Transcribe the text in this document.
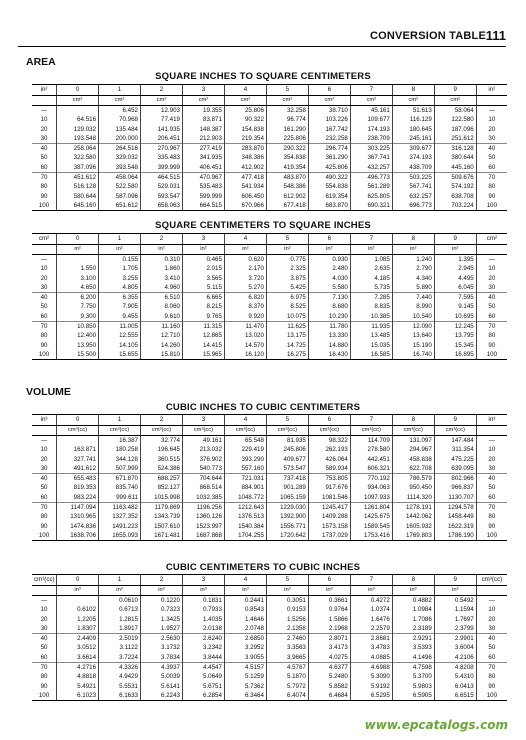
CONVERSION TABLE 111
AREA
SQUARE INCHES TO SQUARE CENTIMETERS
in²	0	1	2	3	4	5	6	7	8	9	in²
	cm²	cm²	cm²	cm²	cm²	cm²	cm²	cm²	cm²	cm²	
—		6.452	12.903	19.355	25.806	32.258	38.710	45.161	51.613	58.064	—
10	64.516	70.968	77.419	83.871	90.322	96.774	103.226	109.677	116.129	122.580	10
20	129.032	135.484	141.935	148.387	154.838	161.290	167.742	174.193	180.645	187.096	20
30	193.548	200.000	206.451	212.903	219.354	225.806	232.258	238.709	245.161	251.612	30
40	258.064	264.516	270.967	277.419	283.870	290.322	296.774	303.225	309.677	316.128	40
50	322.580	329.032	335.483	341.935	348.386	354.838	361.290	367.741	374.193	380.644	50
60	387.096	393.548	399.999	406.451	412.902	419.354	425.806	432.257	438.709	445.160	60
70	451.612	458.064	464.515	470.967	477.418	483.870	490.322	496.773	503.225	509.676	70
80	516.128	522.580	529.031	535.483	541.934	548.386	554.838	561.289	567.741	574.192	80
90	580.644	587.096	593.547	599.999	606.450	612.902	619.354	625.805	632.257	638.708	90
100	645.160	651.612	658.063	664.515	670.966	677.418	683.870	690.321	696.773	703.224	100
SQUARE CENTIMETERS TO SQUARE INCHES
cm²	0	1	2	3	4	5	6	7	8	9	cm²
	in²	in²	in²	in²	in²	in²	in²	in²	in²	in²	
—		0.155	0.310	0.465	0.620	0.775	0.930	1.085	1.240	1.395	—
10	1.550	1.705	1.860	2.015	2.170	2.325	2.480	2.635	2.790	2.945	10
20	3.100	3.255	3.410	3.565	3.720	3.875	4.030	4.185	4.340	4.495	20
30	4.650	4.805	4.960	5.115	5.270	5.425	5.580	5.735	5.890	6.045	30
40	6.200	6.355	6.510	6.665	6.820	6.975	7.130	7.285	7.440	7.595	40
50	7.750	7.905	8.060	8.215	8.370	8.525	8.680	8.835	8.990	9.145	50
60	9.300	9.455	9.610	9.765	9.920	10.075	10.230	10.385	10.540	10.695	60
70	10.850	11.005	11.160	11.315	11.470	11.625	11.780	11.935	12.090	12.245	70
80	12.400	12.555	12.710	12.865	13.020	13.175	13.330	13.485	13.640	13.795	80
90	13.950	14.105	14.260	14.415	14.570	14.725	14.880	15.035	15.190	15.345	90
100	15.500	15.655	15.810	15.965	16.120	16.275	16.430	16.585	16.740	16.895	100
VOLUME
CUBIC INCHES TO CUBIC CENTIMETERS
in³	0	1	2	3	4	5	6	7	8	9	in³
	cm³(cc)	cm³(cc)	cm³(cc)	cm³(cc)	cm³(cc)	cm³(cc)	cm³(cc)	cm³(cc)	cm³(cc)	cm³(cc)	
—		16.387	32.774	49.161	65.548	81.935	98.322	114.709	131.097	147.484	—
10	163.871	180.258	196.645	213.032	229.419	245.806	262.193	278.580	294.967	311.354	10
20	327.741	344.128	360.515	376.902	393.290	409.677	426.064	442.451	458.838	475.225	20
30	491.612	507.999	524.386	540.773	557.160	573.547	589.934	606.321	622.708	639.095	30
40	655.483	671.870	688.257	704.644	721.031	737.418	753.805	770.192	786.579	802.966	40
50	819.353	835.740	852.127	868.514	884.901	901.289	917.676	934.063	950.450	966.837	50
60	983.224	999.611	1015.998	1032.385	1048.772	1065.159	1081.546	1097.933	1114.320	1130.707	60
70	1147.094	1163.482	1179.869	1196.256	1212.643	1229.030	1245.417	1261.804	1278.191	1294.578	70
80	1310.965	1327.352	1343.739	1360.126	1376.513	1392.900	1409.288	1425.675	1442.062	1458.449	80
90	1474.836	1491.223	1507.610	1523.997	1540.384	1556.771	1573.158	1589.545	1605.932	1622.319	90
100	1638.706	1655.093	1671.481	1687.868	1704.255	1720.642	1737.029	1753.416	1769.803	1786.190	100
CUBIC CENTIMETERS TO CUBIC INCHES
cm³(cc)	0	1	2	3	4	5	6	7	8	9	cm³(cc)
	in³	in³	in³	in³	in³	in³	in³	in³	in³	in³	
—		0.0610	0.1220	0.1831	0.2441	0.3051	0.3661	0.4272	0.4882	0.5492	—
10	0.6102	0.6713	0.7323	0.7933	0.8543	0.9153	0.9764	1.0374	1.0984	1.1594	10
20	1.2205	1.2815	1.3425	1.4035	1.4646	1.5256	1.5866	1.6476	1.7086	1.7697	20
30	1.8307	1.8917	1.9527	2.0138	2.0748	2.1358	2.1968	2.2579	2.3189	2.3799	30
40	2.4409	2.5019	2.5630	2.6240	2.6850	2.7460	2.8071	2.8681	2.9291	2.9901	40
50	3.0512	3.1122	3.1732	3.2342	3.2952	3.3563	3.4173	3.4783	3.5393	3.6004	50
60	3.6614	3.7224	3.7834	3.8444	3.9055	3.9665	4.0275	4.0885	4.1496	4.2106	60
70	4.2716	4.3326	4.3937	4.4547	4.5157	4.5767	4.6377	4.6988	4.7598	4.8208	70
80	4.8818	4.9429	5.0039	5.0649	5.1259	5.1870	5.2480	5.3090	5.3700	5.4310	80
90	5.4921	5.5531	5.6141	5.6751	5.7362	5.7972	5.8582	5.9192	5.9803	6.0413	90
100	6.1023	6.1633	6.2243	6.2854	6.3464	6.4074	6.4684	6.5295	6.5905	6.6515	100
www.epcatalogs.com
